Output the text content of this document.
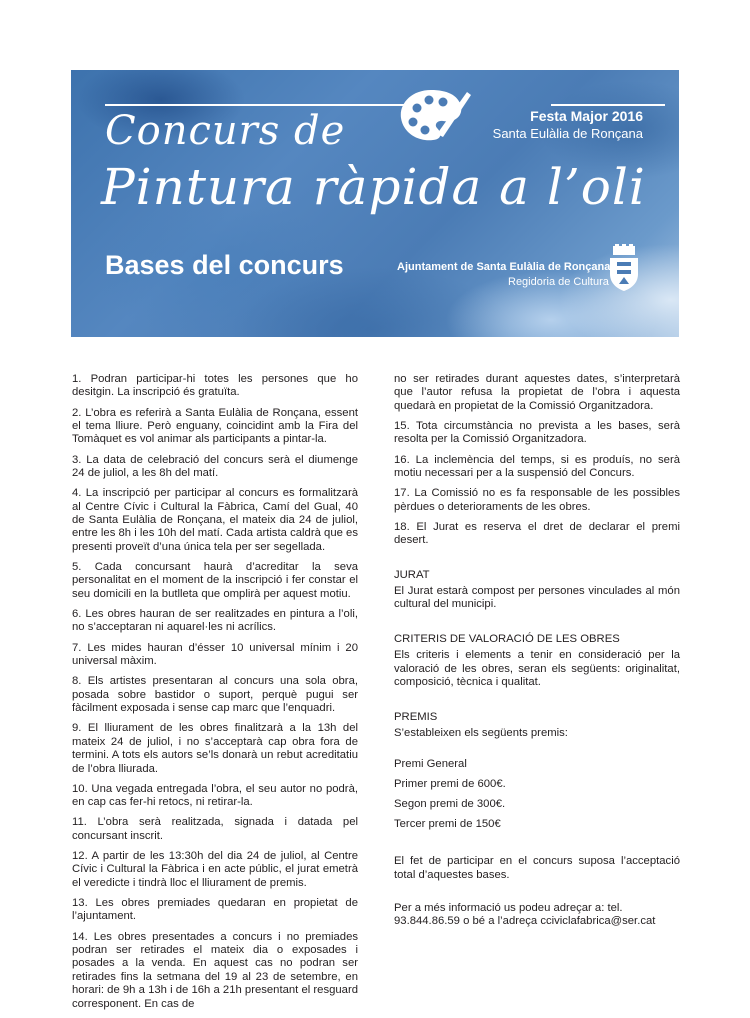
Concurs de
Pintura ràpida a l’oli
Bases del concurs
Festa Major 2016
Santa Eulàlia de Ronçana
Ajuntament de Santa Eulàlia de Ronçana
Regidoria de Cultura

1. Podran participar-hi totes les persones que ho desitgin. La inscripció és gratuïta.

2. L’obra es referirà a Santa Eulàlia de Ronçana, essent el tema lliure. Però enguany, coincidint amb la Fira del Tomàquet es vol animar als participants a pintar-la.

3. La data de celebració del concurs serà el diumenge 24 de juliol, a les 8h del matí.

4. La inscripció per participar al concurs es formalitzarà al Centre Cívic i Cultural la Fàbrica, Camí del Gual, 40 de Santa Eulàlia de Ronçana, el mateix dia 24 de juliol, entre les 8h i les 10h del matí. Cada artista caldrà que es presenti proveït d’una única tela per ser segellada.

5. Cada concursant haurà d’acreditar la seva personalitat en el moment de la inscripció i fer constar el seu domicili en la butlleta que omplirà per aquest motiu.

6. Les obres hauran de ser realitzades en pintura a l’oli, no s’acceptaran ni aquarel·les ni acrílics.

7. Les mides hauran d’ésser 10 universal mínim i 20 universal màxim.

8. Els artistes presentaran al concurs una sola obra, posada sobre bastidor o suport, perquè pugui ser fàcilment exposada i sense cap marc que l’enquadri.

9. El lliurament de les obres finalitzarà a la 13h del mateix 24 de juliol, i no s’acceptarà cap obra fora de termini. A tots els autors se’ls donarà un rebut acreditatiu de l’obra lliurada.

10. Una vegada entregada l’obra, el seu autor no podrà, en cap cas fer-hi retocs, ni retirar-la.

11. L’obra serà realitzada, signada i datada pel concursant inscrit.

12. A partir de les 13:30h del dia 24 de juliol, al Centre Cívic i Cultural la Fàbrica i en acte públic, el jurat emetrà el veredicte i tindrà lloc el lliurament de premis.

13. Les obres premiades quedaran en propietat de l’ajuntament.

14. Les obres presentades a concurs i no premiades podran ser retirades el mateix dia o exposades i posades a la venda. En aquest cas no podran ser retirades fins la setmana del 19 al 23 de setembre, en horari: de 9h a 13h i de 16h a 21h presentant el resguard corresponent. En cas de

no ser retirades durant aquestes dates, s’interpretarà que l’autor refusa la propietat de l’obra i aquesta quedarà en propietat de la Comissió Organitzadora.

15. Tota circumstància no prevista a les bases, serà resolta per la Comissió Organitzadora.

16. La inclemència del temps, si es produís, no serà motiu necessari per a la suspensió del Concurs.

17. La Comissió no es fa responsable de les possibles pèrdues o deterioraments de les obres.

18. El Jurat es reserva el dret de declarar el premi desert.

JURAT

El Jurat estarà compost per persones vinculades al món cultural del municipi.

CRITERIS DE VALORACIÓ DE LES OBRES

Els criteris i elements a tenir en consideració per la valoració de les obres, seran els següents: originalitat, composició, tècnica i qualitat.

PREMIS
S’estableixen els següents premis:
Premi General
Primer premi de 600€.
Segon premi de 300€.
Tercer premi de 150€

El fet de participar en el concurs suposa l’acceptació total d’aquestes bases.

Per a més informació us podeu adreçar a: tel. 93.844.86.59 o bé a l’adreça cciviclafabrica@ser.cat
